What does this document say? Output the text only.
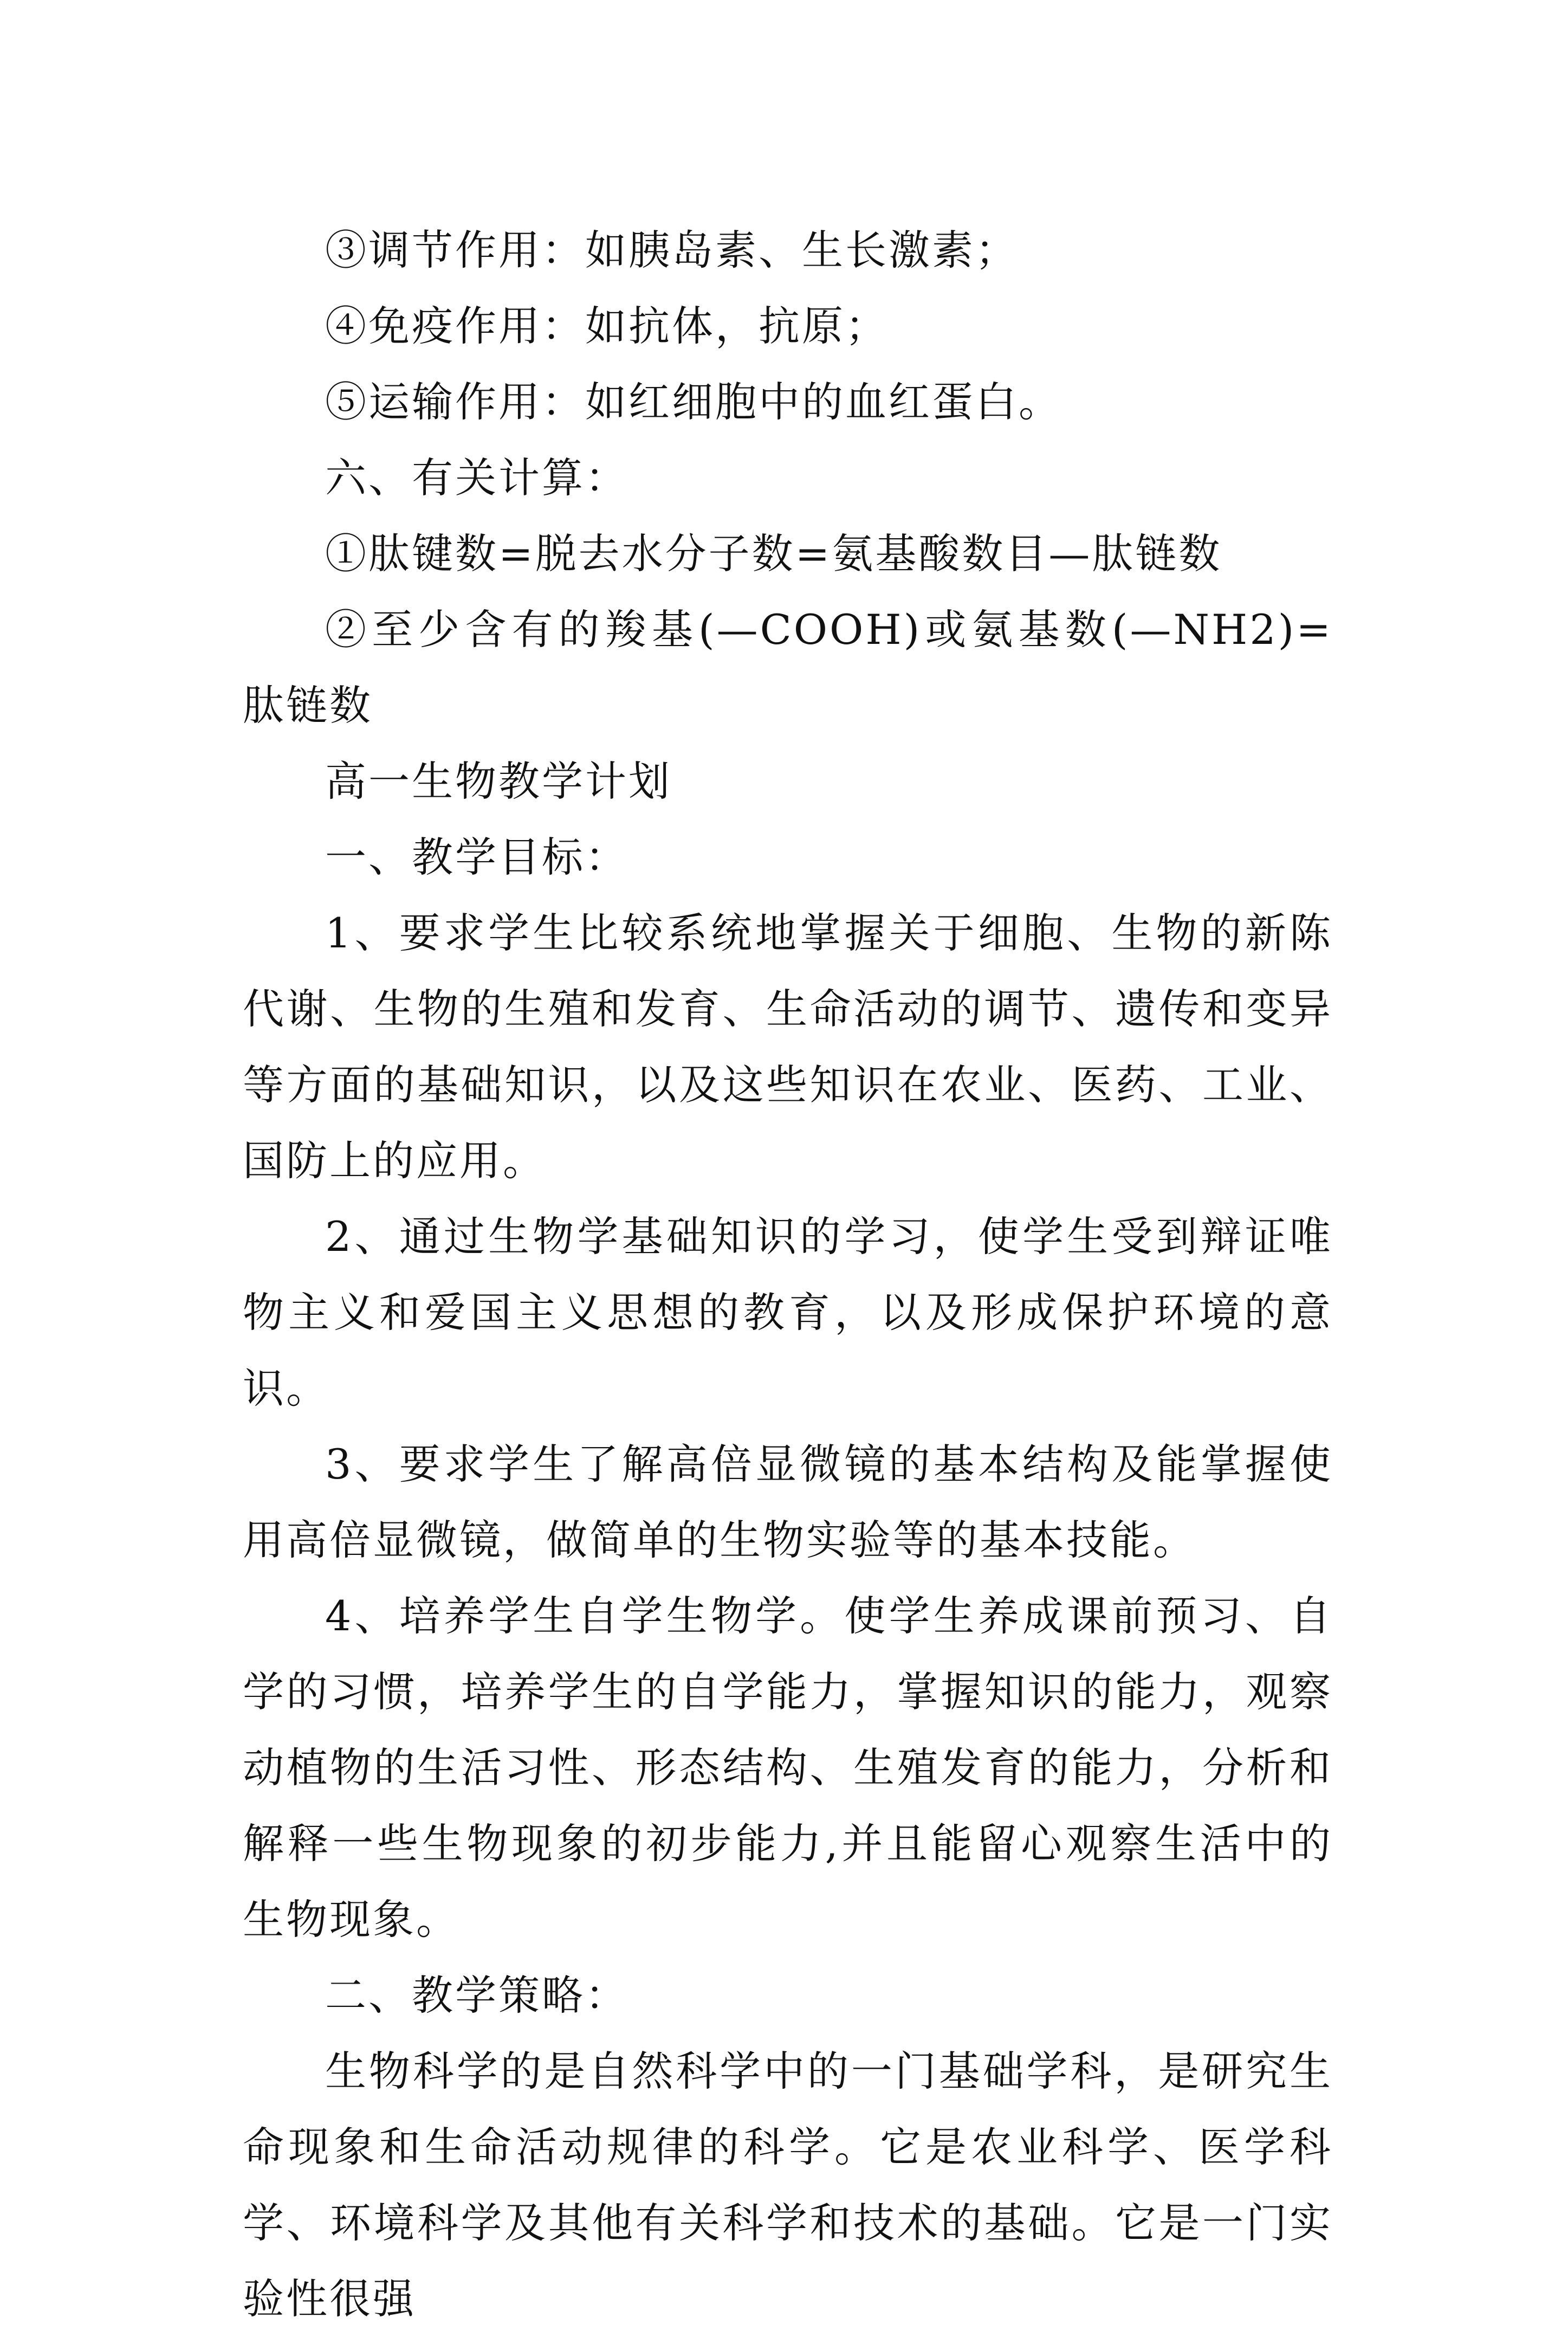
③调节作用：如胰岛素、生长激素；

④免疫作用：如抗体，抗原；

⑤运输作用：如红细胞中的血红蛋白。

六、有关计算：

①肽键数=脱去水分子数=氨基酸数目—肽链数

②至少含有的羧基(—COOH)或氨基数(—NH2)=肽链数

高一生物教学计划

一、教学目标：

1、要求学生比较系统地掌握关于细胞、生物的新陈代谢、生物的生殖和发育、生命活动的调节、遗传和变异等方面的基础知识，以及这些知识在农业、医药、工业、国防上的应用。

2、通过生物学基础知识的学习，使学生受到辩证唯物主义和爱国主义思想的教育，以及形成保护环境的意识。

3、要求学生了解高倍显微镜的基本结构及能掌握使用高倍显微镜，做简单的生物实验等的基本技能。

4、培养学生自学生物学。使学生养成课前预习、自学的习惯，培养学生的自学能力，掌握知识的能力，观察动植物的生活习性、形态结构、生殖发育的能力，分析和解释一些生物现象的初步能力,并且能留心观察生活中的生物现象。

二、教学策略：

生物科学的是自然科学中的一门基础学科，是研究生命现象和生命活动规律的科学。它是农业科学、医学科学、环境科学及其他有关科学和技术的基础。它是一门实验性很强
